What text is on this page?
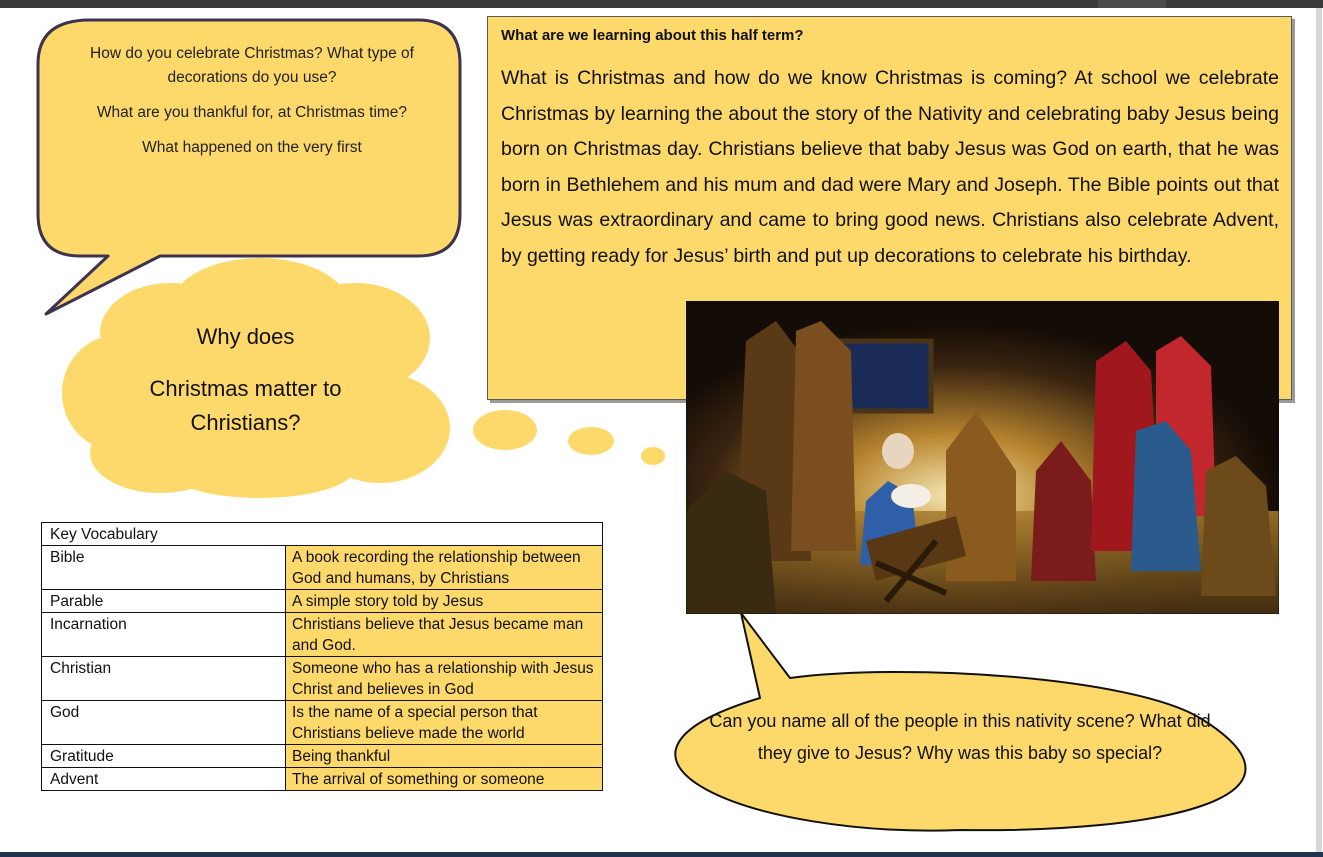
How do you celebrate Christmas? What type of decorations do you use?

What are you thankful for, at Christmas time?

What happened on the very first

What are we learning about this half term?
What is Christmas and how do we know Christmas is coming? At school we celebrate Christmas by learning the about the story of the Nativity and celebrating baby Jesus being born on Christmas day. Christians believe that baby Jesus was God on earth, that he was born in Bethlehem and his mum and dad were Mary and Joseph. The Bible points out that Jesus was extraordinary and came to bring good news. Christians also celebrate Advent, by getting ready for Jesus’ birth and put up decorations to celebrate his birthday.
Why does
Christmas matter to Christians?
Key Vocabulary	
Bible	A book recording the relationship between God and humans, by Christians
Parable	A simple story told by Jesus
Incarnation	Christians believe that Jesus became man and God.
Christian	Someone who has a relationship with Jesus Christ and believes in God
God	Is the name of a special person that Christians believe made the world
Gratitude	Being thankful
Advent	The arrival of something or someone
Can you name all of the people in this nativity scene? What did they give to Jesus? Why was this baby so special?
